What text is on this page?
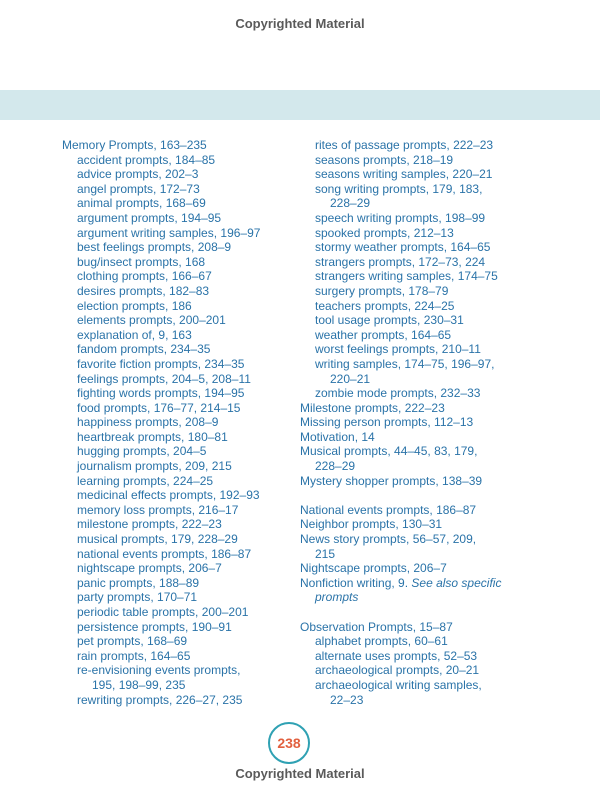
Copyrighted Material
Memory Prompts, 163–235
accident prompts, 184–85
advice prompts, 202–3
angel prompts, 172–73
animal prompts, 168–69
argument prompts, 194–95
argument writing samples, 196–97
best feelings prompts, 208–9
bug/insect prompts, 168
clothing prompts, 166–67
desires prompts, 182–83
election prompts, 186
elements prompts, 200–201
explanation of, 9, 163
fandom prompts, 234–35
favorite fiction prompts, 234–35
feelings prompts, 204–5, 208–11
fighting words prompts, 194–95
food prompts, 176–77, 214–15
happiness prompts, 208–9
heartbreak prompts, 180–81
hugging prompts, 204–5
journalism prompts, 209, 215
learning prompts, 224–25
medicinal effects prompts, 192–93
memory loss prompts, 216–17
milestone prompts, 222–23
musical prompts, 179, 228–29
national events prompts, 186–87
nightscape prompts, 206–7
panic prompts, 188–89
party prompts, 170–71
periodic table prompts, 200–201
persistence prompts, 190–91
pet prompts, 168–69
rain prompts, 164–65
re-envisioning events prompts,
195, 198–99, 235
rewriting prompts, 226–27, 235
rites of passage prompts, 222–23
seasons prompts, 218–19
seasons writing samples, 220–21
song writing prompts, 179, 183,
228–29
speech writing prompts, 198–99
spooked prompts, 212–13
stormy weather prompts, 164–65
strangers prompts, 172–73, 224
strangers writing samples, 174–75
surgery prompts, 178–79
teachers prompts, 224–25
tool usage prompts, 230–31
weather prompts, 164–65
worst feelings prompts, 210–11
writing samples, 174–75, 196–97,
220–21
zombie mode prompts, 232–33
Milestone prompts, 222–23
Missing person prompts, 112–13
Motivation, 14
Musical prompts, 44–45, 83, 179,
228–29
Mystery shopper prompts, 138–39
National events prompts, 186–87
Neighbor prompts, 130–31
News story prompts, 56–57, 209,
215
Nightscape prompts, 206–7
Nonfiction writing, 9. See also specific
prompts
Observation Prompts, 15–87
alphabet prompts, 60–61
alternate uses prompts, 52–53
archaeological prompts, 20–21
archaeological writing samples,
22–23
238
Copyrighted Material
